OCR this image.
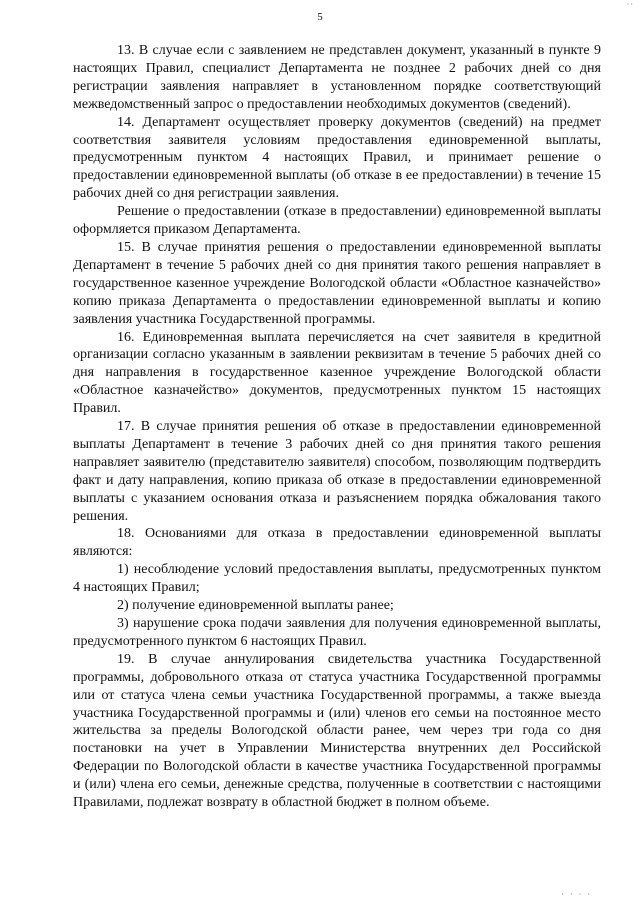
··
5

13. В случае если с заявлением не представлен документ, указанный в пункте 9 настоящих Правил, специалист Департамента не позднее 2 рабочих дней со дня регистрации заявления направляет в установленном порядке соответствующий межведомственный запрос о предоставлении необходимых документов (сведений).

14. Департамент осуществляет проверку документов (сведений) на предмет соответствия заявителя условиям предоставления единовременной выплаты, предусмотренным пунктом 4 настоящих Правил, и принимает решение о предоставлении единовременной выплаты (об отказе в ее предоставлении) в течение 15 рабочих дней со дня регистрации заявления.

Решение о предоставлении (отказе в предоставлении) единовременной выплаты оформляется приказом Департамента.

15. В случае принятия решения о предоставлении единовременной выплаты Департамент в течение 5 рабочих дней со дня принятия такого решения направляет в государственное казенное учреждение Вологодской области «Областное казначейство» копию приказа Департамента о предоставлении единовременной выплаты и копию заявления участника Государственной программы.

16. Единовременная выплата перечисляется на счет заявителя в кредитной организации согласно указанным в заявлении реквизитам в течение 5 рабочих дней со дня направления в государственное казенное учреждение Вологодской области «Областное казначейство» документов, предусмотренных пунктом 15 настоящих Правил.

17. В случае принятия решения об отказе в предоставлении единовременной выплаты Департамент в течение 3 рабочих дней со дня принятия такого решения направляет заявителю (представителю заявителя) способом, позволяющим подтвердить факт и дату направления, копию приказа об отказе в предоставлении единовременной выплаты с указанием основания отказа и разъяснением порядка обжалования такого решения.

18. Основаниями для отказа в предоставлении единовременной выплаты являются:

1) несоблюдение условий предоставления выплаты, предусмотренных пунктом 4 настоящих Правил;

2) получение единовременной выплаты ранее;

3) нарушение срока подачи заявления для получения единовременной выплаты, предусмотренного пунктом 6 настоящих Правил.

19. В случае аннулирования свидетельства участника Государственной программы, добровольного отказа от статуса участника Государственной программы или от статуса члена семьи участника Государственной программы, а также выезда участника Государственной программы и (или) членов его семьи на постоянное место жительства за пределы Вологодской области ранее, чем через три года со дня постановки на учет в Управлении Министерства внутренних дел Российской Федерации по Вологодской области в качестве участника Государственной программы и (или) члена его семьи, денежные средства, полученные в соответствии с настоящими Правилами, подлежат возврату в областной бюджет в полном объеме.

· · · ·
